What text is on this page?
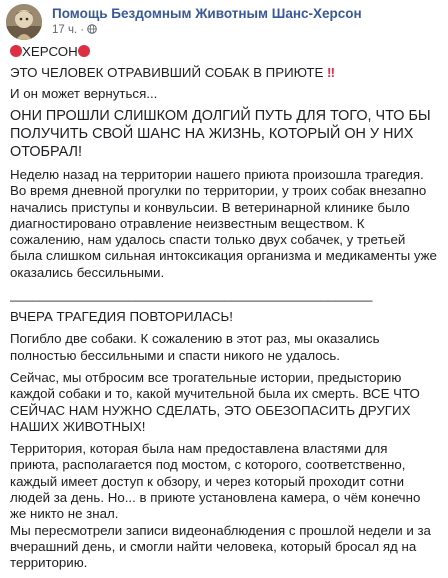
Помощь Бездомным Животным Шанс-Херсон
17 ч. ·

ХЕРСОН

ЭТО ЧЕЛОВЕК ОТРАВИВШИЙ СОБАК В ПРИЮТЕ ‼

И он может вернуться...

ОНИ ПРОШЛИ СЛИШКОМ ДОЛГИЙ ПУТЬ ДЛЯ ТОГО, ЧТО БЫ ПОЛУЧИТЬ СВОЙ ШАНС НА ЖИЗНЬ, КОТОРЫЙ ОН У НИХ ОТОБРАЛ!

Неделю назад на территории нашего приюта произошла трагедия. Во время дневной прогулки по территории, у троих собак внезапно начались приступы и конвульсии. В ветеринарной клинике было диагностировано отравление неизвестным веществом. К сожалению, нам удалось спасти только двух собачек, у третьей была слишком сильная интоксикация организма и медикаменты уже оказались бессильными.

_________________________________________________

ВЧЕРА ТРАГЕДИЯ ПОВТОРИЛАСЬ!

Погибло две собаки. К сожалению в этот раз, мы оказались полностью бессильными и спасти никого не удалось.

Сейчас, мы отбросим все трогательные истории, предысторию каждой собаки и то, какой мучительной была их смерть. ВСЕ ЧТО СЕЙЧАС НАМ НУЖНО СДЕЛАТЬ, ЭТО ОБЕЗОПАСИТЬ ДРУГИХ НАШИХ ЖИВОТНЫХ!

Территория, которая была нам предоставлена властями для приюта, располагается под мостом, с которого, соответственно, каждый имеет доступ к обзору, и через который проходит сотни людей за день. Но... в приюте установлена камера, о чём конечно же никто не знал.

Мы пересмотрели записи видеонаблюдения с прошлой недели и за вчерашний день, и смогли найти человека, который бросал яд на территорию.
